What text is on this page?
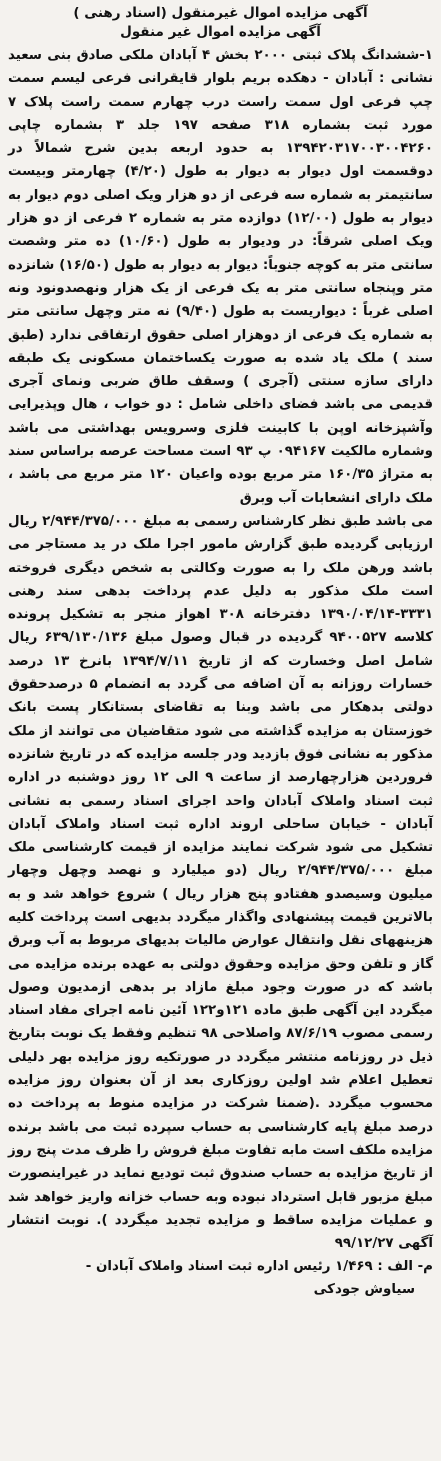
آگهی مزایده اموال غیرمنقول (اسناد رهنی )
آگهی مزایده اموال غیر منقول

۱-ششدانگ پلاک ثبتی ۲۰۰۰ بخش ۴ آبادان ملکی صادق بنی سعید نشانی : آبادان - دهکده بریم بلوار قایقرانی فرعی لیسم سمت چپ فرعی اول سمت راست درب چهارم سمت راست پلاک ۷ مورد ثبت بشماره ۳۱۸ صفحه ۱۹۷ جلد ۳ بشماره چاپی ۱۳۹۴۲۰۳۱۷۰۰۳۰۰۴۲۶۰ به حدود اربعه بدین شرح شمالاً در دوقسمت اول دیوار به دیوار به طول (۴/۲۰) چهارمتر وبیست سانتیمتر به شماره سه فرعی از دو هزار ویک اصلی دوم دیوار به دیوار به طول (۱۲/۰۰) دوازده متر به شماره ۲ فرعی از دو هزار ویک اصلی شرقاً: در ودیوار به طول (۱۰/۶۰) ده متر وشصت سانتی متر به کوچه جنوباً: دیوار به دیوار به طول (۱۶/۵۰) شانزده متر وپنجاه سانتی متر به یک فرعی از یک هزار ونهصدونود ونه اصلی غرباً : دیواریست به طول (۹/۴۰) نه متر وچهل سانتی متر به شماره یک فرعی از دوهزار اصلی حقوق ارتفاقی ندارد (طبق سند ) ملک یاد شده به صورت یکساختمان مسکونی یک طبقه دارای سازه سنتی (آجری ) وسقف طاق ضربی ونمای آجری قدیمی می باشد فضای داخلی شامل : دو خواب ، هال وپذیرایی وآشپزخانه اوپن با کابینت فلزی وسرویس بهداشتی می باشد وشماره مالکیت ۰۹۴۱۶۷ پ ۹۳ است مساحت عرصه براساس سند به متراژ ۱۶۰/۳۵ متر مربع بوده واعیان ۱۲۰ متر مربع می باشد ، ملک دارای انشعابات آب وبرق

می باشد طبق نظر کارشناس رسمی به مبلغ ۲/۹۴۴/۳۷۵/۰۰۰ ریال ارزیابی گردیده طبق گزارش مامور اجرا ملک در ید مستاجر می باشد ورهن ملک را به صورت وکالتی به شخص دیگری فروخته است ملک مذکور به دلیل عدم پرداخت بدهی سند رهنی ۳۳۳۱-۱۳۹۰/۰۴/۱۴ دفترخانه ۳۰۸ اهواز منجر به تشکیل پرونده کلاسه ۹۴۰۰۵۲۷ گردیده در قبال وصول مبلغ ۶۳۹/۱۳۰/۱۳۶ ریال شامل اصل وخسارت که از تاریخ ۱۳۹۴/۷/۱۱ بانرخ ۱۳ درصد خسارات روزانه به آن اضافه می گردد به انضمام ۵ درصدحقوق دولتی بدهکار می باشد وبنا به تقاضای بستانکار پست بانک خوزستان به مزایده گذاشته می شود متقاضیان می توانند از ملک مذکور به نشانی فوق بازدید ودر جلسه مزایده که در تاریخ شانزده فروردین هزارچهارصد از ساعت ۹ الی ۱۲ روز دوشنبه در اداره ثبت اسناد واملاک آبادان واحد اجرای اسناد رسمی به نشانی آبادان - خیابان ساحلی اروند اداره ثبت اسناد واملاک آبادان تشکیل می شود شرکت نمایند مزایده از قیمت کارشناسی ملک مبلغ ۲/۹۴۴/۳۷۵/۰۰۰ ریال (دو میلیارد و نهصد وچهل وچهار میلیون وسیصدو هفتادو پنج هزار ریال ) شروع خواهد شد و به بالاترین قیمت پیشنهادی واگذار میگردد بدیهی است پرداخت کلیه هزینههای نقل وانتقال عوارض مالیات بدیهای مربوط به آب وبرق گاز و تلفن وحق مزایده وحقوق دولتی به عهده برنده مزایده می باشد که در صورت وجود مبلغ مازاد بر بدهی ازمدیون وصول میگردد این آگهی طبق ماده ۱۲۱و۱۲۲ آئین نامه اجرای مفاد اسناد رسمی مصوب ۸۷/۶/۱۹ واصلاحی ۹۸ تنظیم وفقط یک نوبت بتاریخ ذیل در روزنامه منتشر میگردد در صورتکیه روز مزایده بهر دلیلی تعطیل اعلام شد اولین روزکاری بعد از آن بعنوان روز مزایده محسوب میگردد .(ضمنا شرکت در مزایده منوط به پرداخت ده درصد مبلغ پایه کارشناسی به حساب سپرده ثبت می باشد برنده مزایده ملکف است مابه تفاوت مبلغ فروش را ظرف مدت پنج روز از تاریخ مزایده به حساب صندوق ثبت تودیع نماید در غیراینصورت مبلغ مزبور قابل استرداد نبوده وبه حساب خزانه واریز خواهد شد و عملیات مزایده ساقط و مزایده تجدید میگردد ). نوبت انتشار آگهی ۹۹/۱۲/۲۷

م- الف : ۱/۴۶۹ رئیس اداره ثبت اسناد واملاک آبادان -
سیاوش جودکی
